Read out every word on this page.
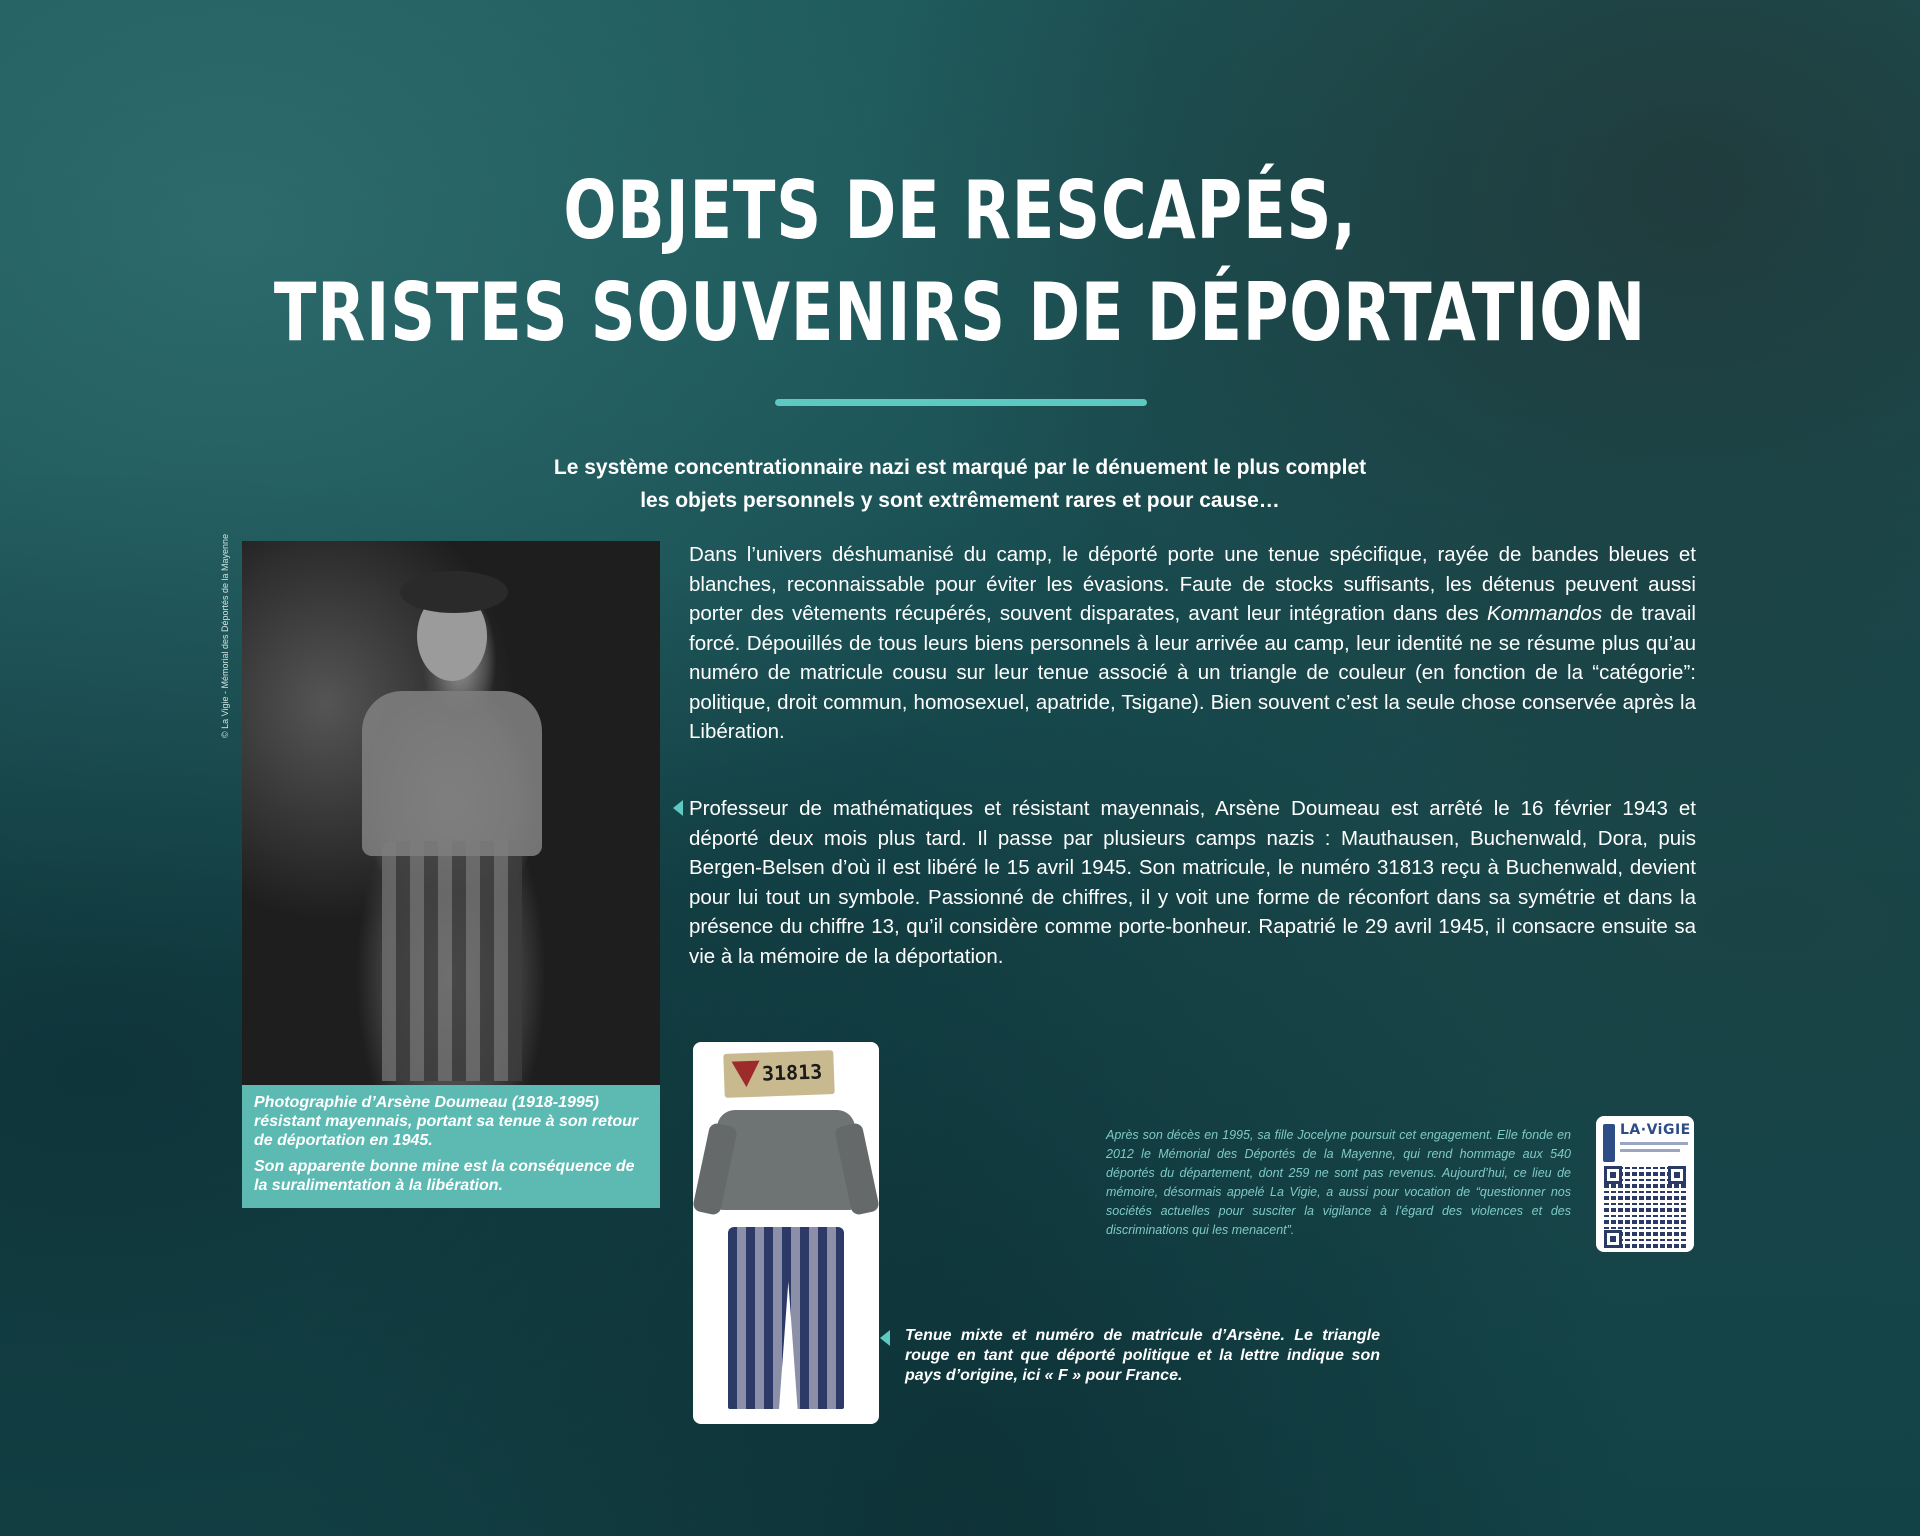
OBJETS DE RESCAPÉS,
TRISTES SOUVENIRS DE DÉPORTATION
Le système concentrationnaire nazi est marqué par le dénuement le plus complet
les objets personnels y sont extrêmement rares et pour cause…
© La Vigie - Mémorial des Déportés de la Mayenne

Photographie d’Arsène Doumeau (1918-1995) résistant mayennais, portant sa tenue à son retour de déportation en 1945.

Son apparente bonne mine est la conséquence de la suralimentation à la libération.

Dans l’univers déshumanisé du camp, le déporté porte une tenue spécifique, rayée de bandes bleues et blanches, reconnaissable pour éviter les évasions. Faute de stocks suffisants, les détenus peuvent aussi porter des vêtements récupérés, souvent disparates, avant leur intégration dans des Kommandos de travail forcé. Dépouillés de tous leurs biens personnels à leur arrivée au camp, leur identité ne se résume plus qu’au numéro de matricule cousu sur leur tenue associé à un triangle de couleur (en fonction de la “catégorie”: politique, droit commun, homosexuel, apatride, Tsigane). Bien souvent c’est la seule chose conservée après la Libération.

Professeur de mathématiques et résistant mayennais, Arsène Doumeau est arrêté le 16 février 1943 et déporté deux mois plus tard. Il passe par plusieurs camps nazis : Mauthausen, Buchenwald, Dora, puis Bergen-Belsen d’où il est libéré le 15 avril 1945. Son matricule, le numéro 31813 reçu à Buchenwald, devient pour lui tout un symbole. Passionné de chiffres, il y voit une forme de réconfort dans sa symétrie et dans la présence du chiffre 13, qu’il considère comme porte-bonheur. Rapatrié le 29 avril 1945, il consacre ensuite sa vie à la mémoire de la déportation.

31813

Tenue mixte et numéro de matricule d’Arsène. Le triangle rouge en tant que déporté politique et la lettre indique son pays d’origine, ici « F » pour France.

Après son décès en 1995, sa fille Jocelyne poursuit cet engagement. Elle fonde en 2012 le Mémorial des Déportés de la Mayenne, qui rend hommage aux 540 déportés du département, dont 259 ne sont pas revenus. Aujourd’hui, ce lieu de mémoire, désormais appelé La Vigie, a aussi pour vocation de “questionner nos sociétés actuelles pour susciter la vigilance à l’égard des violences et des discriminations qui les menacent”.

LA·ViGIE
